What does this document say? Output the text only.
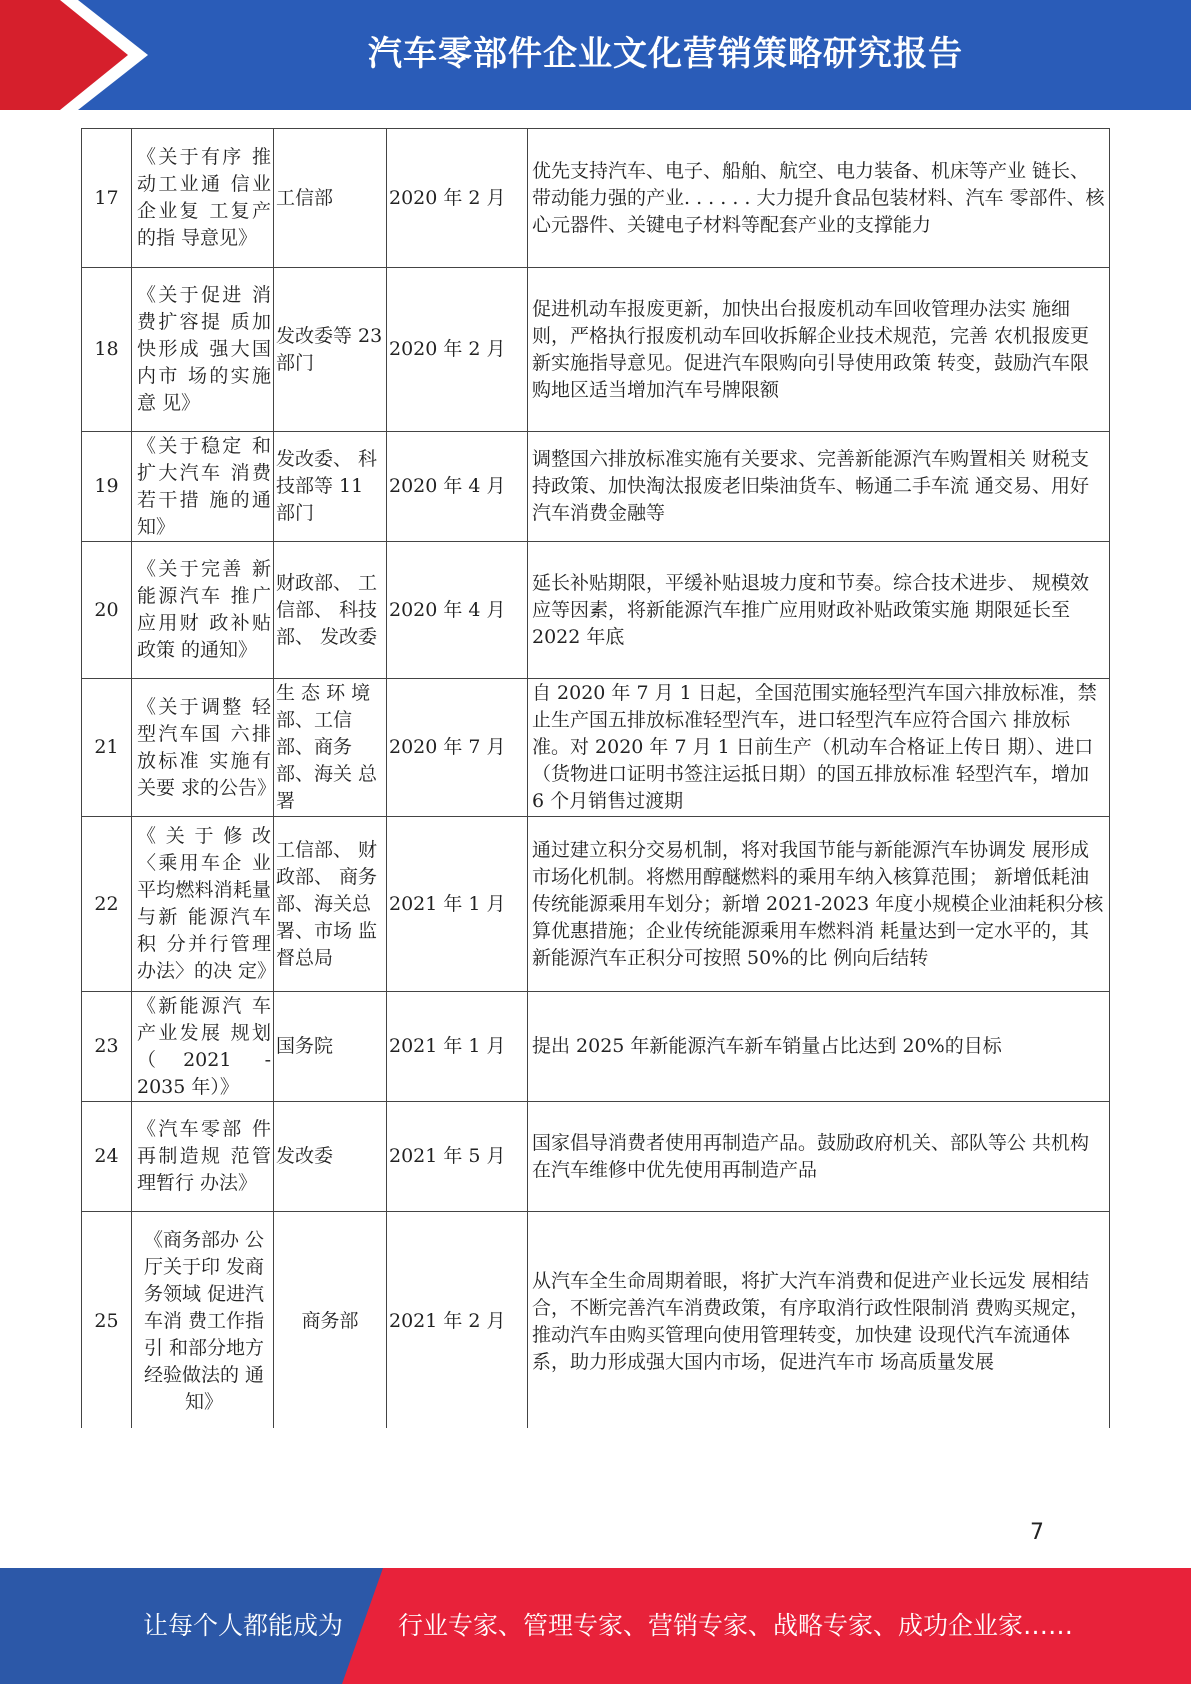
汽车零部件企业文化营销策略研究报告
17	《关于有序 推动工业通 信业企业复 工复产的指 导意见》	工信部	2020 年 2 月	优先支持汽车、电子、船舶、航空、电力装备、机床等产业 链长、带动能力强的产业. . . . . . 大力提升食品包装材料、汽车 零部件、核心元器件、关键电子材料等配套产业的支撑能力
18	《关于促进 消费扩容提 质加快形成 强大国内市 场的实施意 见》	发改委等 23 部门	2020 年 2 月	促进机动车报废更新，加快出台报废机动车回收管理办法实 施细则，严格执行报废机动车回收拆解企业技术规范，完善 农机报废更新实施指导意见。促进汽车限购向引导使用政策 转变，鼓励汽车限购地区适当增加汽车号牌限额
19	《关于稳定 和扩大汽车 消费若干措 施的通知》	发改委、 科技部等 11 部门	2020 年 4 月	调整国六排放标准实施有关要求、完善新能源汽车购置相关 财税支持政策、加快淘汰报废老旧柴油货车、畅通二手车流 通交易、用好汽车消费金融等
20	《关于完善 新能源汽车 推广应用财 政补贴政策 的通知》	财政部、 工信部、 科技部、 发改委	2020 年 4 月	延长补贴期限，平缓补贴退坡力度和节奏。综合技术进步、 规模效应等因素，将新能源汽车推广应用财政补贴政策实施 期限延长至 2022 年底
21	《关于调整 轻型汽车国 六排放标准 实施有关要 求的公告》	生 态 环 境 部、工信 部、商务 部、海关 总署	2020 年 7 月	自 2020 年 7 月 1 日起，全国范围实施轻型汽车国六排放标准，禁止生产国五排放标准轻型汽车，进口轻型汽车应符合国六 排放标准。对 2020 年 7 月 1 日前生产（机动车合格证上传日 期）、进口（货物进口证明书签注运抵日期）的国五排放标准 轻型汽车，增加 6 个月销售过渡期
22	《关于修改 〈乘用车企 业平均燃料消耗量与新 能源汽车积 分并行管理办法〉的决 定》	工信部、 财政部、 商务部、海关总署、市场 监督总局	2021 年 1 月	通过建立积分交易机制，将对我国节能与新能源汽车协调发 展形成市场化机制。将燃用醇醚燃料的乘用车纳入核算范围； 新增低耗油传统能源乘用车划分；新增 2021-2023 年度小规模企业油耗积分核算优惠措施；企业传统能源乘用车燃料消 耗量达到一定水平的，其新能源汽车正积分可按照 50%的比 例向后结转
23	《新能源汽 车产业发展 规划（2021 - 2035 年）》	国务院	2021 年 1 月	提出 2025 年新能源汽车新车销量占比达到 20%的目标
24	《汽车零部 件再制造规 范管理暂行 办法》	发改委	2021 年 5 月	国家倡导消费者使用再制造产品。鼓励政府机关、部队等公 共机构在汽车维修中优先使用再制造产品
25	《商务部办 公厅关于印 发商务领域 促进汽车消 费工作指引 和部分地方 经验做法的 通知》	商务部	2021 年 2 月	从汽车全生命周期着眼，将扩大汽车消费和促进产业长远发 展相结合，不断完善汽车消费政策，有序取消行政性限制消 费购买规定，推动汽车由购买管理向使用管理转变，加快建 设现代汽车流通体系，助力形成强大国内市场，促进汽车市 场高质量发展
7
让每个人都能成为 行业专家、管理专家、营销专家、战略专家、成功企业家……
